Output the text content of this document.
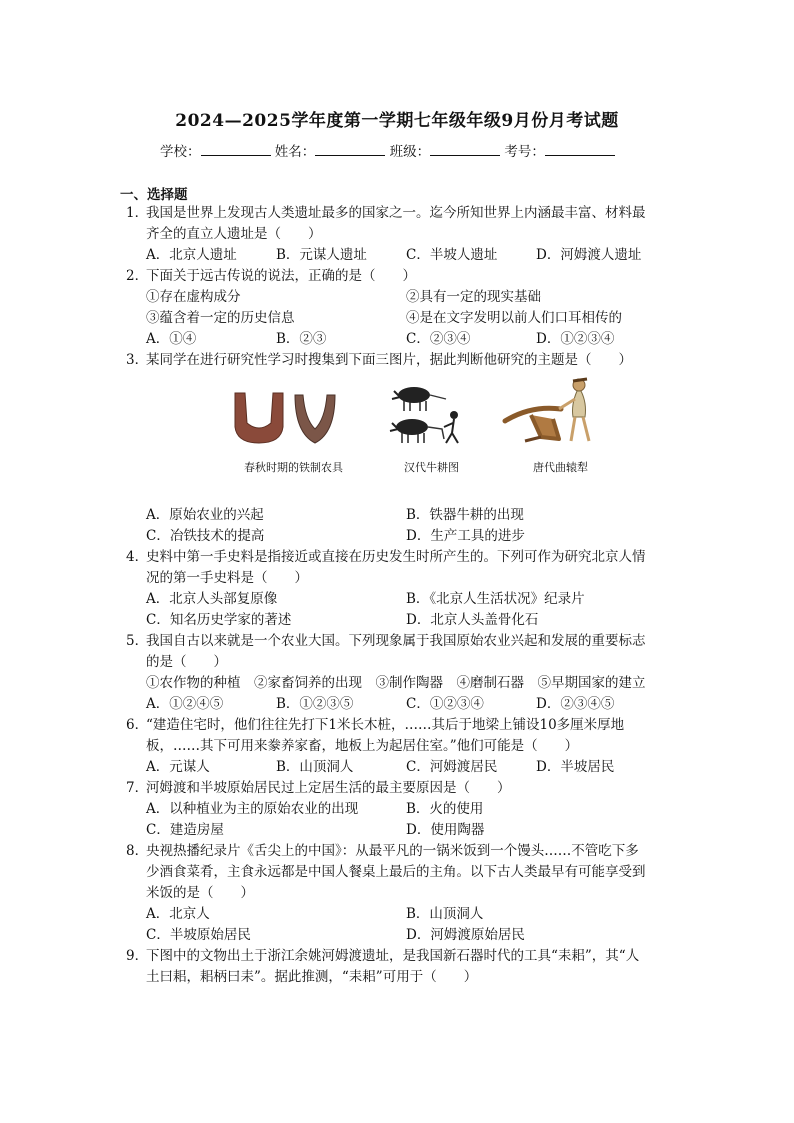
2024—2025学年度第一学期七年级年级9月份月考试题
学校：	姓名：	班级：	考号：
一、选择题
1．我国是世界上发现古人类遗址最多的国家之一。迄今所知世界上内涵最丰富、材料最
齐全的直立人遗址是（　　）
A．北京人遗址	B．元谋人遗址	C．半坡人遗址	D．河姆渡人遗址
2．下面关于远古传说的说法，正确的是（　　）
①存在虚构成分	②具有一定的现实基础
③蕴含着一定的历史信息	④是在文字发明以前人们口耳相传的
A．①④	B．②③	C．②③④	D．①②③④
3．某同学在进行研究性学习时搜集到下面三图片，据此判断他研究的主题是（　　）
春秋时期的铁制农具	汉代牛耕图	唐代曲辕犁
A．原始农业的兴起	B．铁器牛耕的出现
C．冶铁技术的提高	D．生产工具的进步
4．史料中第一手史料是指接近或直接在历史发生时所产生的。下列可作为研究北京人情
况的第一手史料是（　　）
A．北京人头部复原像	B．《北京人生活状况》纪录片
C．知名历史学家的著述	D．北京人头盖骨化石
5．我国自古以来就是一个农业大国。下列现象属于我国原始农业兴起和发展的重要标志
的是（　　）
①农作物的种植　②家畜饲养的出现　③制作陶器　④磨制石器　⑤早期国家的建立
A．①②④⑤	B．①②③⑤	C．①②③④	D．②③④⑤
6．“建造住宅时，他们往往先打下1米长木桩，……其后于地梁上铺设10多厘米厚地
板，……其下可用来豢养家畜，地板上为起居住室。”他们可能是（　　）
A．元谋人	B．山顶洞人	C．河姆渡居民	D．半坡居民
7．河姆渡和半坡原始居民过上定居生活的最主要原因是（　　）
A．以种植业为主的原始农业的出现	B．火的使用
C．建造房屋	D．使用陶器
8．央视热播纪录片《舌尖上的中国》：从最平凡的一锅米饭到一个馒头……不管吃下多
少酒食菜肴，主食永远都是中国人餐桌上最后的主角。以下古人类最早有可能享受到
米饭的是（　　）
A．北京人	B．山顶洞人
C．半坡原始居民	D．河姆渡原始居民
9．下图中的文物出土于浙江余姚河姆渡遗址，是我国新石器时代的工具“耒耜”，其“人
土曰耜，耜柄曰耒”。据此推测，“耒耜”可用于（　　）
